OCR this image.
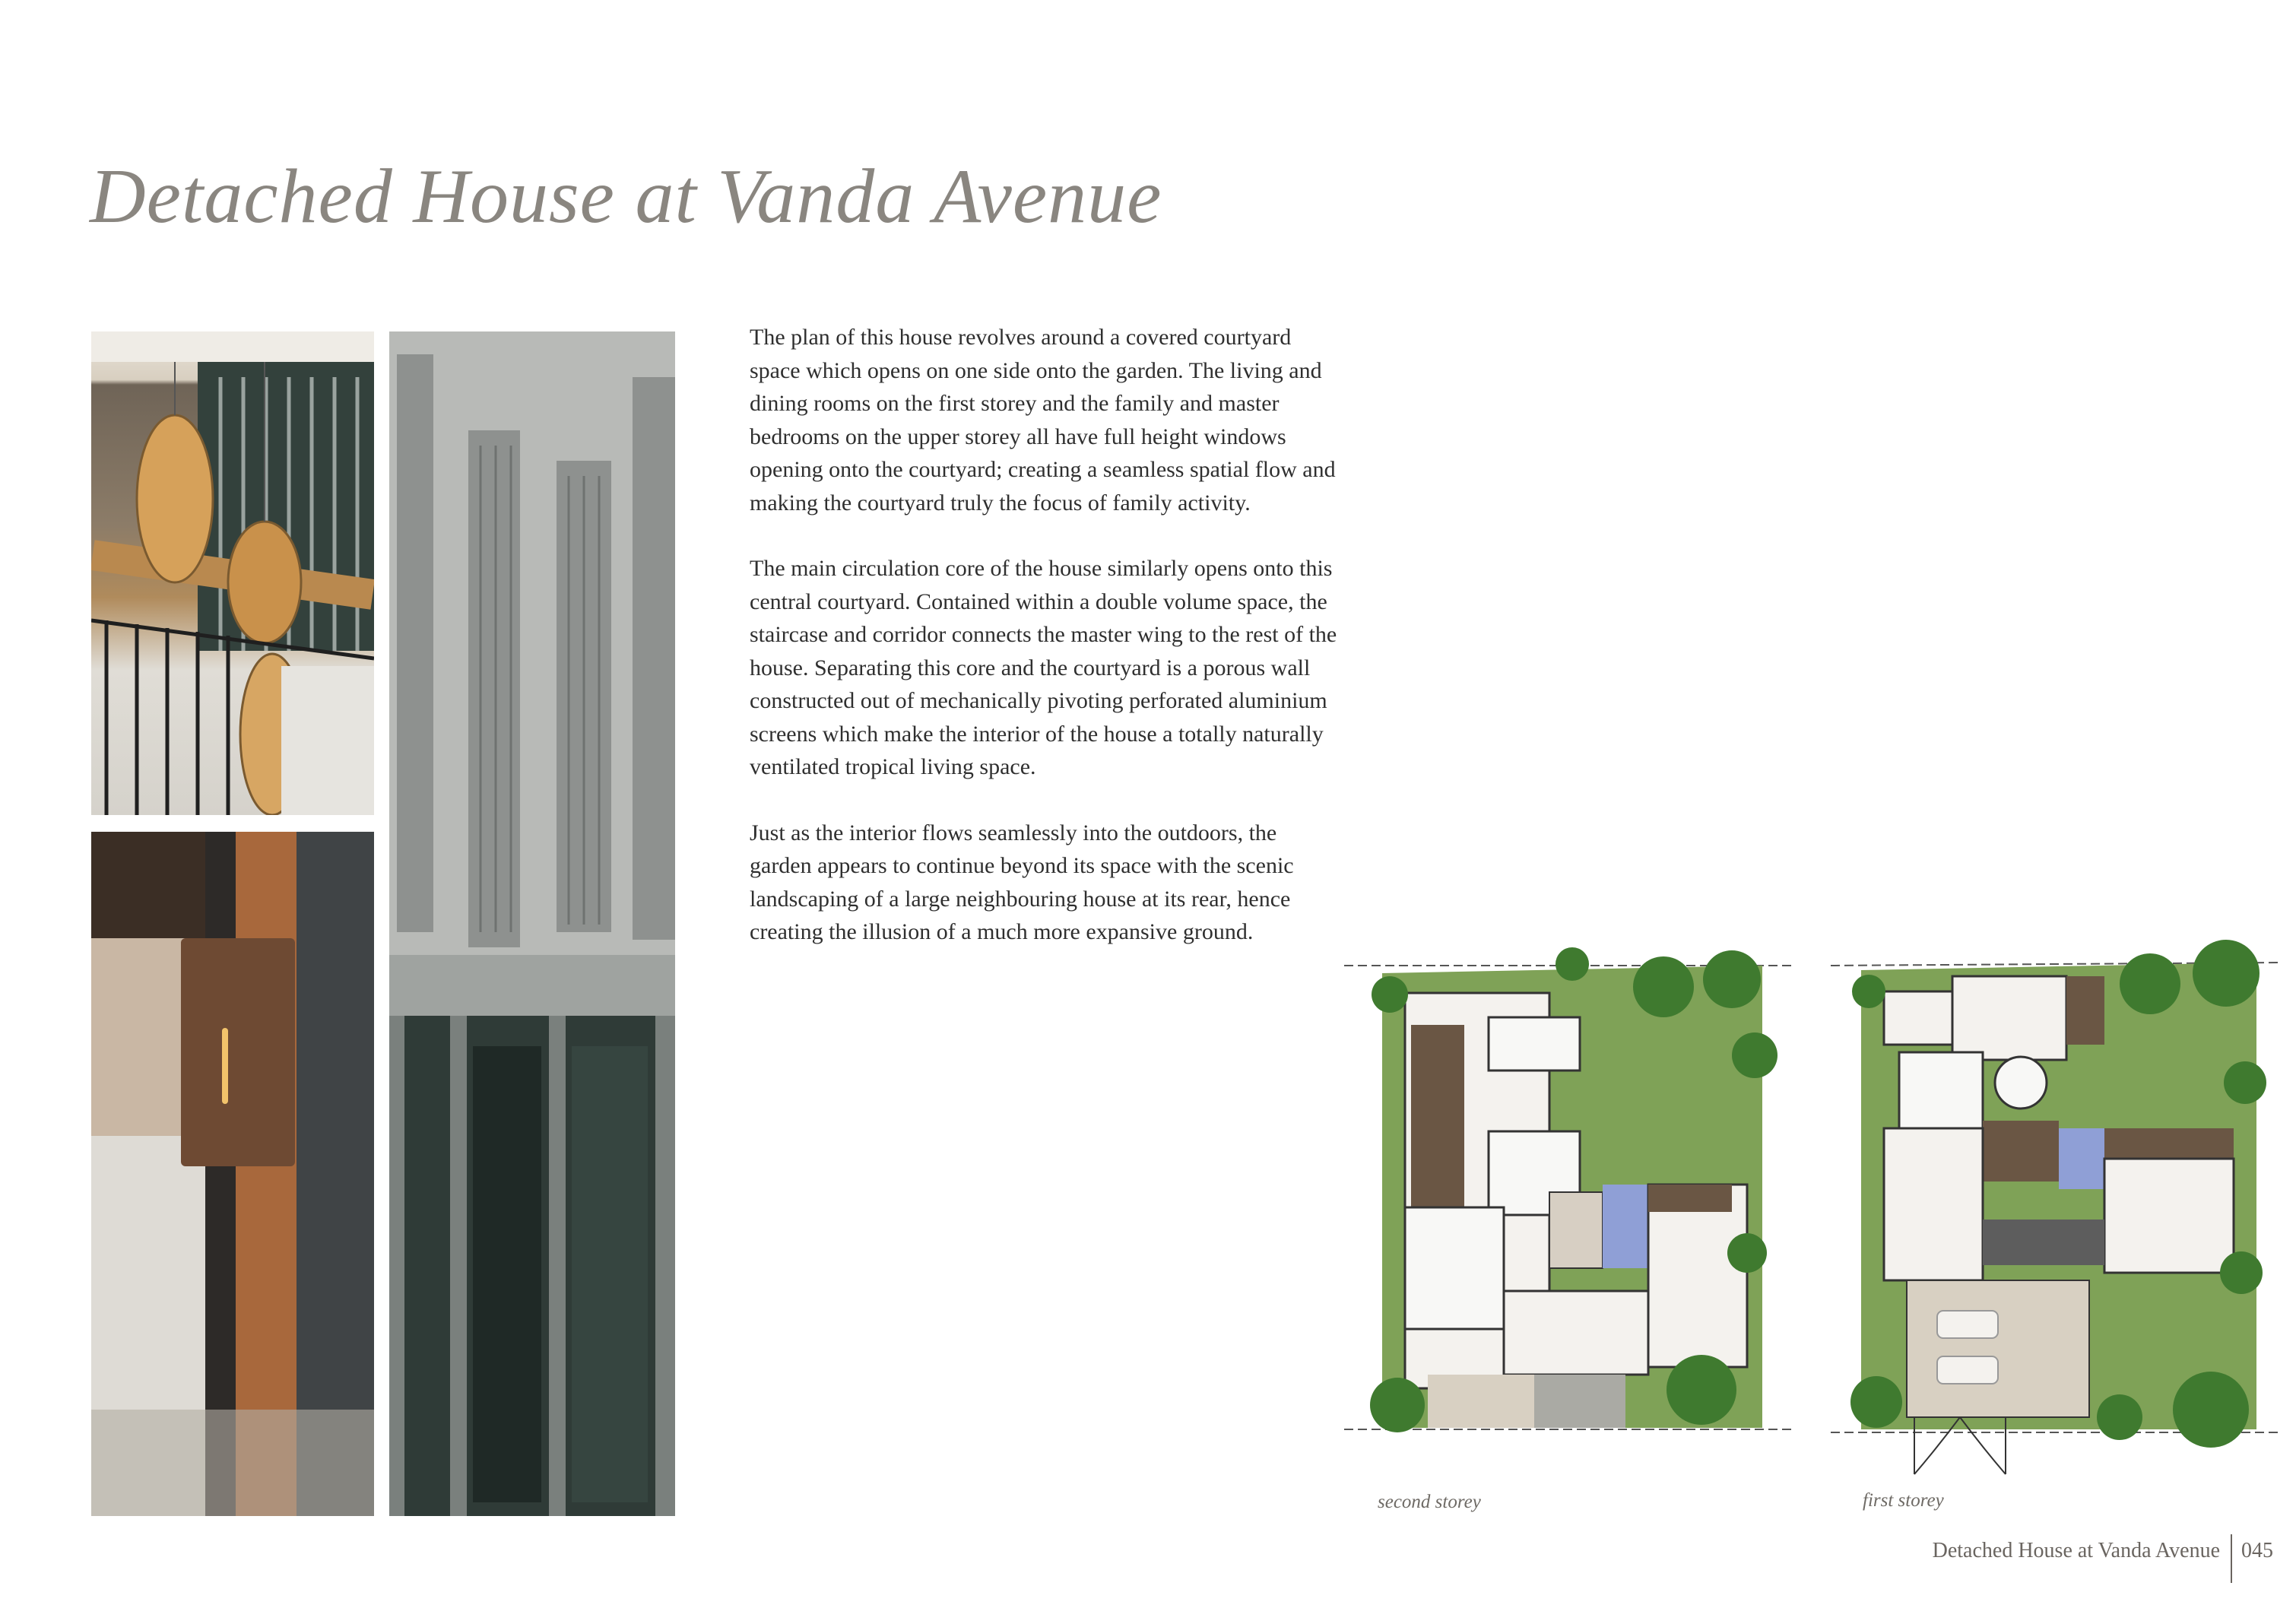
Detached House at Vanda Avenue

The plan of this house revolves around a covered courtyard space which opens on one side onto the garden. The living and dining rooms on the first storey and the family and master bedrooms on the upper storey all have full height windows opening onto the courtyard; creating a seamless spatial flow and making the courtyard truly the focus of family activity.

The main circulation core of the house similarly opens onto this central courtyard. Contained within a double volume space, the staircase and corridor connects the master wing to the rest of the house. Separating this core and the courtyard is a porous wall constructed out of mechanically pivoting perforated aluminium screens which make the interior of the house a totally naturally ventilated tropical living space.

Just as the interior flows seamlessly into the outdoors, the garden appears to continue beyond its space with the scenic landscaping of a large neighbouring house at its rear, hence creating the illusion of a much more expansive ground.

second storey	first storey
Detached House at Vanda Avenue 045
